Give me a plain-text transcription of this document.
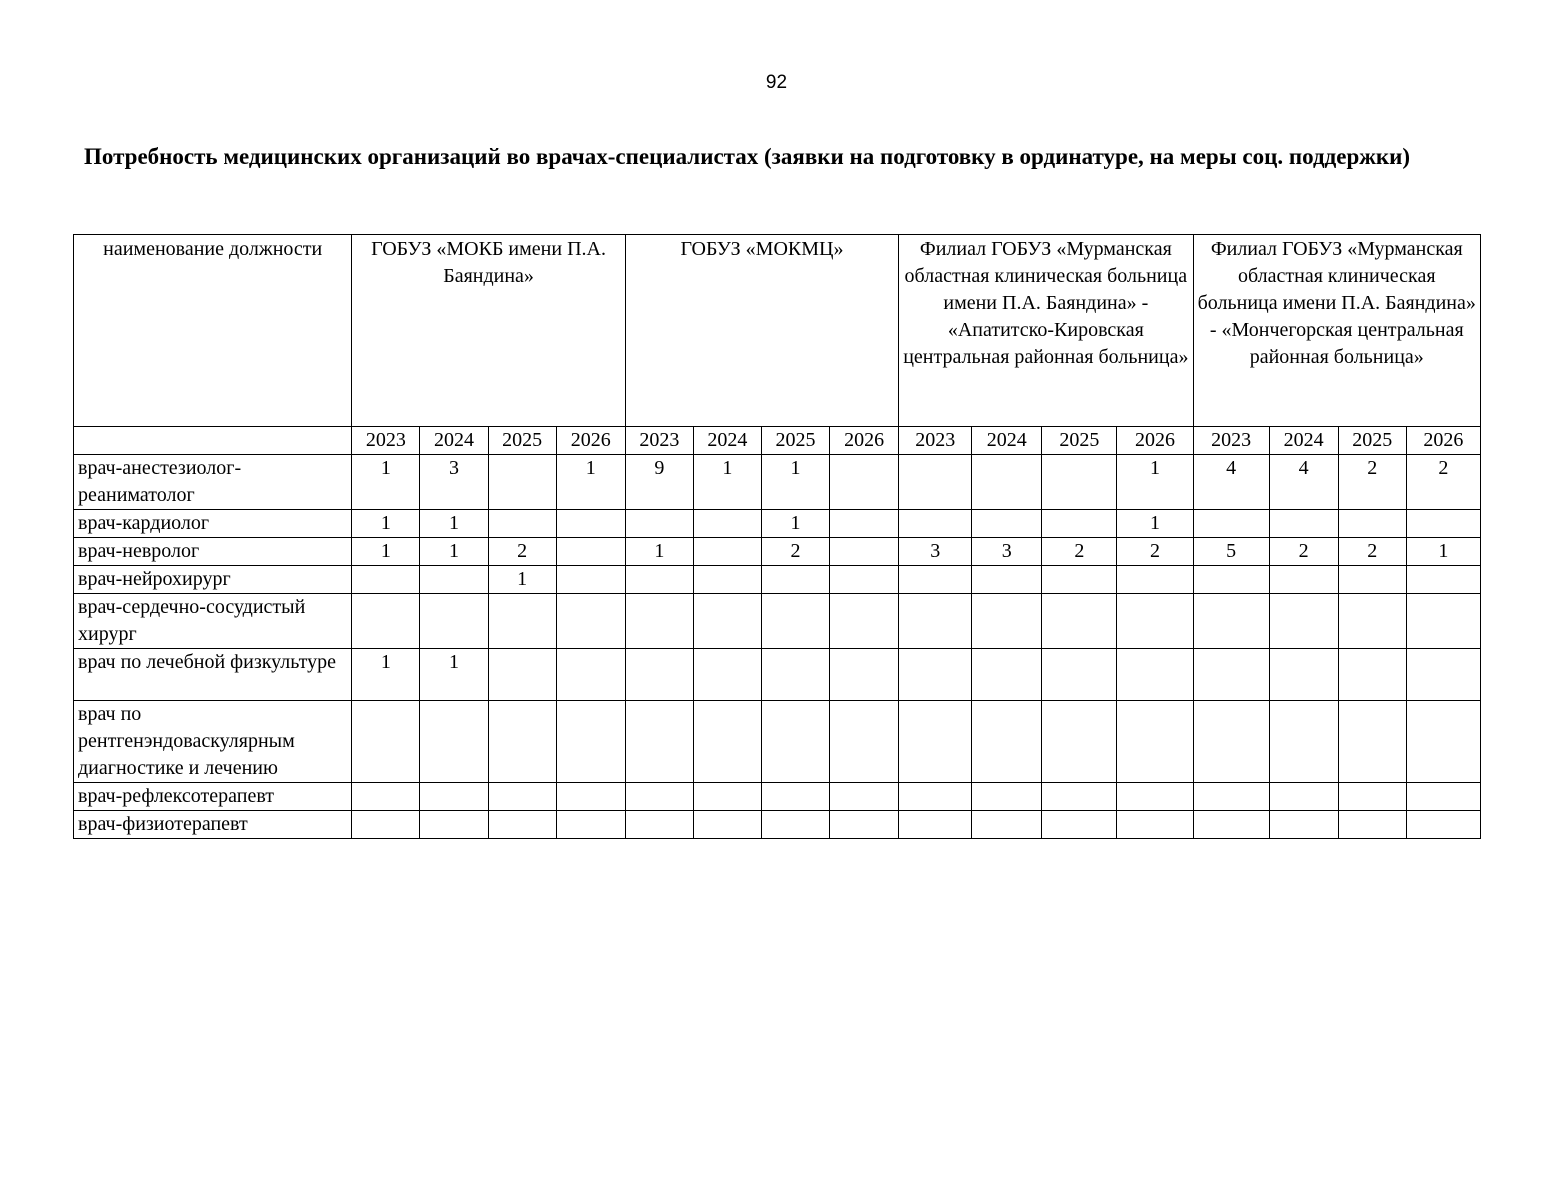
92
Потребность медицинских организаций во врачах-специалистах (заявки на подготовку в ординатуре, на меры соц. поддержки)
наименование должности	ГОБУЗ «МОКБ имени П.А. Баяндина»				ГОБУЗ «МОКМЦ»				Филиал ГОБУЗ «Мурманская областная клиническая больница имени П.А. Баяндина» - «Апатитско-Кировская центральная районная больница»				Филиал ГОБУЗ «Мурманская областная клиническая больница имени П.А. Баяндина» - «Мончегорская центральная районная больница»			
	2023	2024	2025	2026	2023	2024	2025	2026	2023	2024	2025	2026	2023	2024	2025	2026
врач-анестезиолог-реаниматолог	1	3		1	9	1	1					1	4	4	2	2
врач-кардиолог	1	1					1					1				
врач-невролог	1	1	2		1		2		3	3	2	2	5	2	2	1
врач-нейрохирург			1													
врач-сердечно-сосудистый хирург																
врач по лечебной физкультуре	1	1														
врач по рентгенэндоваскулярным диагностике и лечению																
врач-рефлексотерапевт																
врач-физиотерапевт																
